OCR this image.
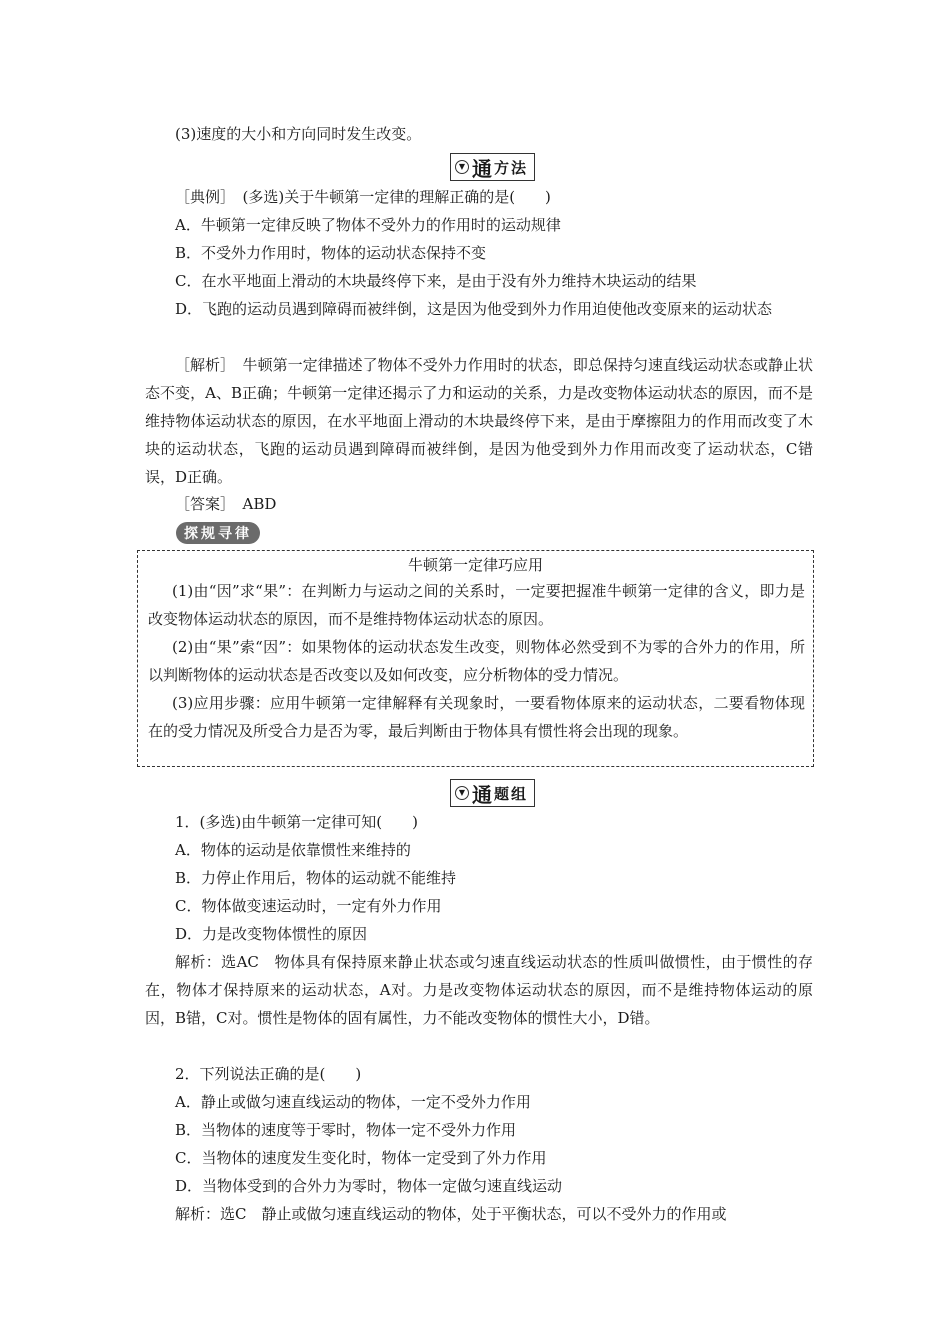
(3)速度的大小和方向同时发生改变。
▼ 通 方法
［典例］　(多选)关于牛顿第一定律的理解正确的是(　　)
A．牛顿第一定律反映了物体不受外力的作用时的运动规律
B．不受外力作用时，物体的运动状态保持不变
C．在水平地面上滑动的木块最终停下来，是由于没有外力维持木块运动的结果
D．飞跑的运动员遇到障碍而被绊倒，这是因为他受到外力作用迫使他改变原来的运动状态
［解析］　牛顿第一定律描述了物体不受外力作用时的状态，即总保持匀速直线运动状态或静止状态不变，A、B正确；牛顿第一定律还揭示了力和运动的关系，力是改变物体运动状态的原因，而不是维持物体运动状态的原因，在水平地面上滑动的木块最终停下来，是由于摩擦阻力的作用而改变了木块的运动状态，飞跑的运动员遇到障碍而被绊倒，是因为他受到外力作用而改变了运动状态，C错误，D正确。
［答案］　ABD
探规寻律
牛顿第一定律巧应用
(1)由“因”求“果”：在判断力与运动之间的关系时，一定要把握准牛顿第一定律的含义，即力是改变物体运动状态的原因，而不是维持物体运动状态的原因。
(2)由“果”索“因”：如果物体的运动状态发生改变，则物体必然受到不为零的合外力的作用，所以判断物体的运动状态是否改变以及如何改变，应分析物体的受力情况。
(3)应用步骤：应用牛顿第一定律解释有关现象时，一要看物体原来的运动状态，二要看物体现在的受力情况及所受合力是否为零，最后判断由于物体具有惯性将会出现的现象。
▼ 通 题组
1．(多选)由牛顿第一定律可知(　　)
A．物体的运动是依靠惯性来维持的
B．力停止作用后，物体的运动就不能维持
C．物体做变速运动时，一定有外力作用
D．力是改变物体惯性的原因
解析：选AC　物体具有保持原来静止状态或匀速直线运动状态的性质叫做惯性，由于惯性的存在，物体才保持原来的运动状态，A对。力是改变物体运动状态的原因，而不是维持物体运动的原因，B错，C对。惯性是物体的固有属性，力不能改变物体的惯性大小，D错。
2．下列说法正确的是(　　)
A．静止或做匀速直线运动的物体，一定不受外力作用
B．当物体的速度等于零时，物体一定不受外力作用
C．当物体的速度发生变化时，物体一定受到了外力作用
D．当物体受到的合外力为零时，物体一定做匀速直线运动
解析：选C　静止或做匀速直线运动的物体，处于平衡状态，可以不受外力的作用或
